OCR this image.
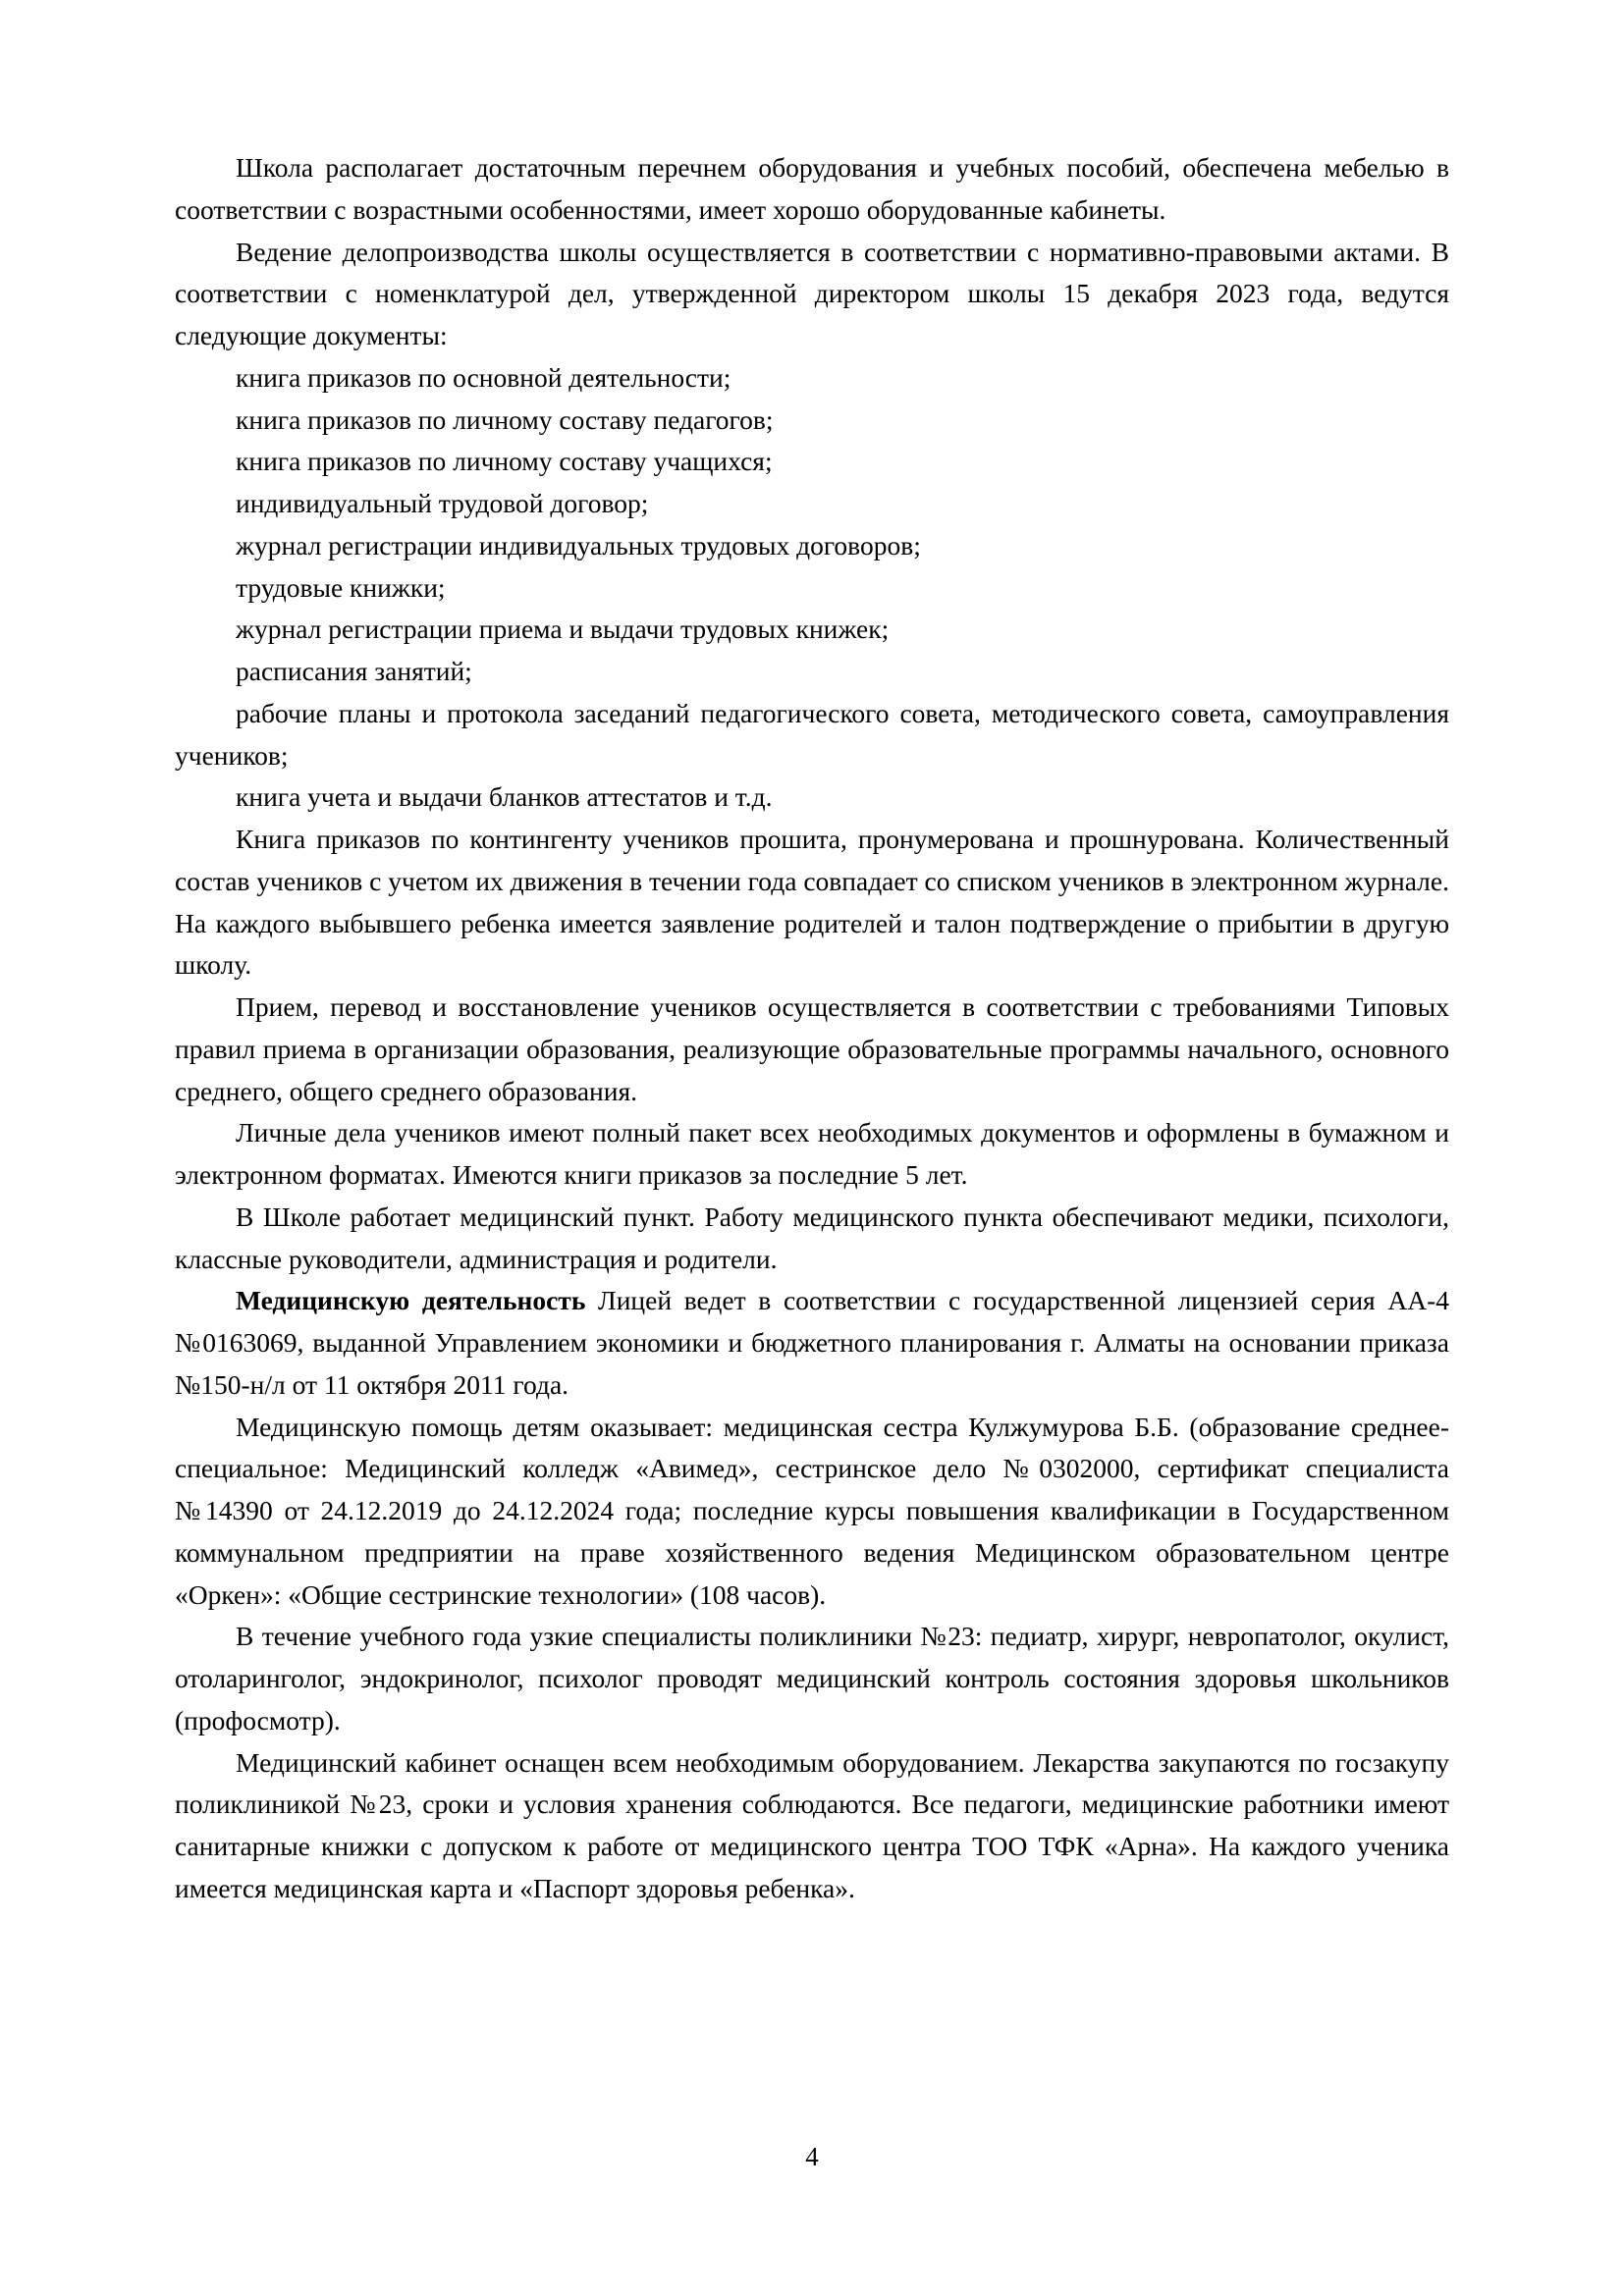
Школа располагает достаточным перечнем оборудования и учебных пособий, обеспечена мебелью в соответствии с возрастными особенностями, имеет хорошо оборудованные кабинеты.

Ведение делопроизводства школы осуществляется в соответствии с нормативно-правовыми актами. В соответствии с номенклатурой дел, утвержденной директором школы 15 декабря 2023 года, ведутся следующие документы:

книга приказов по основной деятельности;

книга приказов по личному составу педагогов;

книга приказов по личному составу учащихся;

индивидуальный трудовой договор;

журнал регистрации индивидуальных трудовых договоров;

трудовые книжки;

журнал регистрации приема и выдачи трудовых книжек;

расписания занятий;

рабочие планы и протокола заседаний педагогического совета, методического совета, самоуправления учеников;

книга учета и выдачи бланков аттестатов и т.д.

Книга приказов по контингенту учеников прошита, пронумерована и прошнурована. Количественный состав учеников с учетом их движения в течении года совпадает со списком учеников в электронном журнале. На каждого выбывшего ребенка имеется заявление родителей и талон подтверждение о прибытии в другую школу.

Прием, перевод и восстановление учеников осуществляется в соответствии с требованиями Типовых правил приема в организации образования, реализующие образовательные программы начального, основного среднего, общего среднего образования.

Личные дела учеников имеют полный пакет всех необходимых документов и оформлены в бумажном и электронном форматах. Имеются книги приказов за последние 5 лет.

В Школе работает медицинский пункт. Работу медицинского пункта обеспечивают медики, психологи, классные руководители, администрация и родители.

Медицинскую деятельность Лицей ведет в соответствии с государственной лицензией серия АА-4 №0163069, выданной Управлением экономики и бюджетного планирования г. Алматы на основании приказа №150-н/л от 11 октября 2011 года.

Медицинскую помощь детям оказывает: медицинская сестра Кулжумурова Б.Б. (образование среднее-специальное: Медицинский колледж «Авимед», сестринское дело №0302000, сертификат специалиста №14390 от 24.12.2019 до 24.12.2024 года; последние курсы повышения квалификации в Государственном коммунальном предприятии на праве хозяйственного ведения Медицинском образовательном центре «Оркен»: «Общие сестринские технологии» (108 часов).

В течение учебного года узкие специалисты поликлиники №23: педиатр, хирург, невропатолог, окулист, отоларинголог, эндокринолог, психолог проводят медицинский контроль состояния здоровья школьников (профосмотр).

Медицинский кабинет оснащен всем необходимым оборудованием. Лекарства закупаются по госзакупу поликлиникой №23, сроки и условия хранения соблюдаются. Все педагоги, медицинские работники имеют санитарные книжки с допуском к работе от медицинского центра ТОО ТФК «Арна». На каждого ученика имеется медицинская карта и «Паспорт здоровья ребенка».

4
